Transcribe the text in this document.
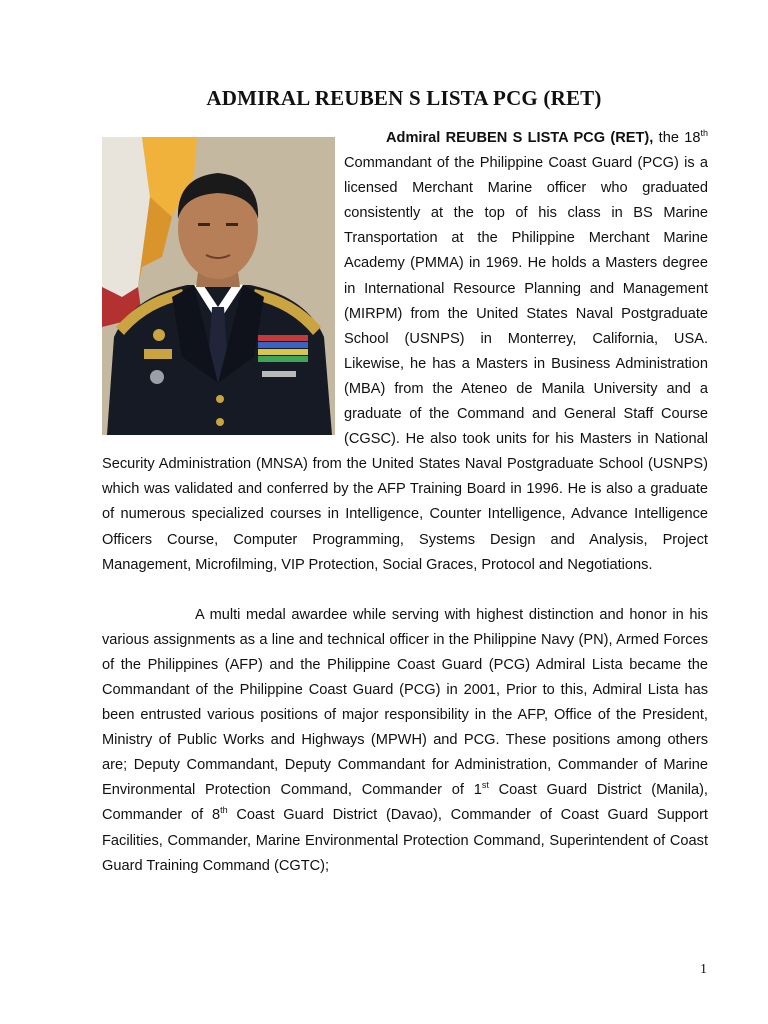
ADMIRAL REUBEN S LISTA PCG (RET)

Admiral REUBEN S LISTA PCG (RET), the 18th Commandant of the Philippine Coast Guard (PCG) is a licensed Merchant Marine officer who graduated consistently at the top of his class in BS Marine Transportation at the Philippine Merchant Marine Academy (PMMA) in 1969. He holds a Masters degree in International Resource Planning and Management (MIRPM) from the United States Naval Postgraduate School (USNPS) in Monterrey, California, USA. Likewise, he has a Masters in Business Administration (MBA) from the Ateneo de Manila University and a graduate of the Command and General Staff Course (CGSC). He also took units for his Masters in National Security Administration (MNSA) from the United States Naval Postgraduate School (USNPS) which was validated and conferred by the AFP Training Board in 1996. He is also a graduate of numerous specialized courses in Intelligence, Counter Intelligence, Advance Intelligence Officers Course, Computer Programming, Systems Design and Analysis, Project Management, Microfilming, VIP Protection, Social Graces, Protocol and Negotiations.

A multi medal awardee while serving with highest distinction and honor in his various assignments as a line and technical officer in the Philippine Navy (PN), Armed Forces of the Philippines (AFP) and the Philippine Coast Guard (PCG) Admiral Lista became the Commandant of the Philippine Coast Guard (PCG) in 2001, Prior to this, Admiral Lista has been entrusted various positions of major responsibility in the AFP, Office of the President, Ministry of Public Works and Highways (MPWH) and PCG. These positions among others are; Deputy Commandant, Deputy Commandant for Administration, Commander of Marine Environmental Protection Command, Commander of 1st Coast Guard District (Manila), Commander of 8th Coast Guard District (Davao), Commander of Coast Guard Support Facilities, Commander, Marine Environmental Protection Command, Superintendent of Coast Guard Training Command (CGTC);

1
